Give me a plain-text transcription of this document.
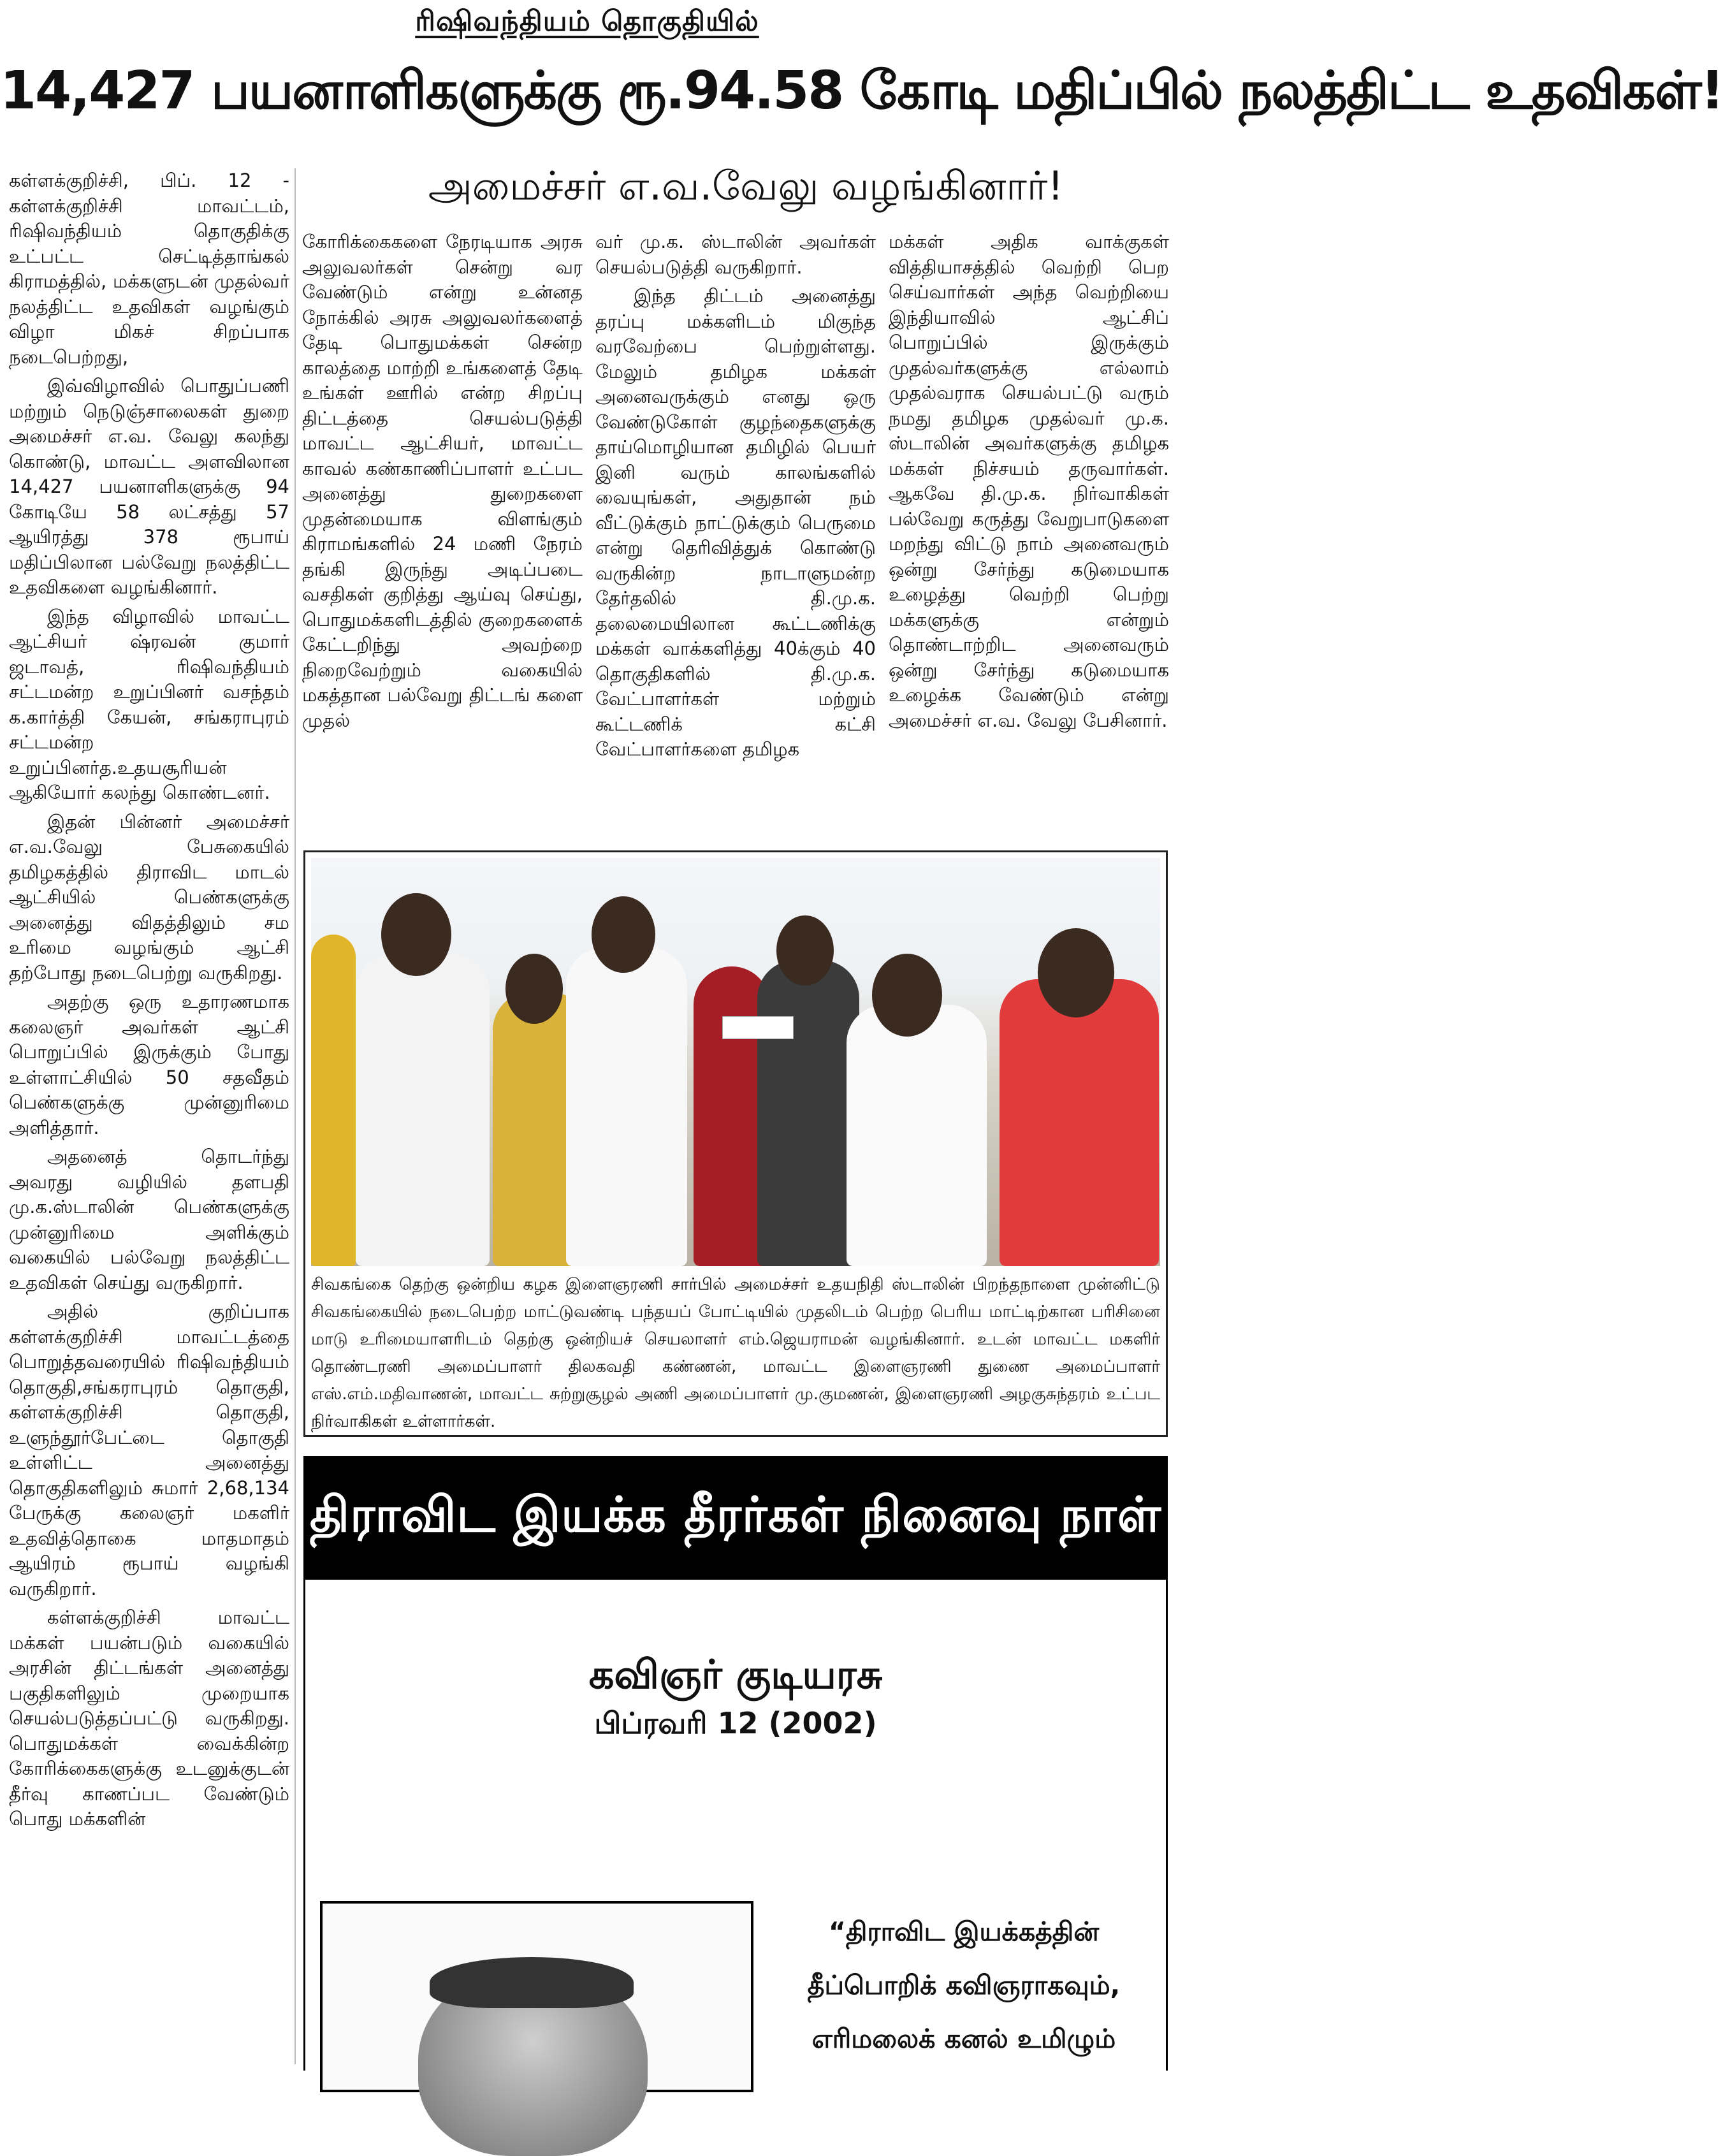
ரிஷிவந்தியம் தொகுதியில்
14,427 பயனாளிகளுக்கு ரூ.94.58 கோடி மதிப்பில் நலத்திட்ட உதவிகள்!
அமைச்சர் எ.வ.வேலு வழங்கினார்!

கள்ளக்குறிச்சி, பிப். 12 - கள்ளக்குறிச்சி மாவட்டம், ரிஷிவந்தியம் தொகுதிக்கு உட்பட்ட செட்டித்தாங்கல் கிராமத்தில், மக்களுடன் முதல்வர் நலத்திட்ட உதவிகள் வழங்கும் விழா மிகச் சிறப்பாக நடைபெற்றது,

இவ்விழாவில் பொதுப்பணி மற்றும் நெடுஞ்சாலைகள் துறை அமைச்சர் எ.வ. வேலு கலந்து கொண்டு, மாவட்ட அளவிலான 14,427 பயனாளிகளுக்கு 94 கோடியே 58 லட்சத்து 57 ஆயிரத்து 378 ரூபாய் மதிப்பிலான பல்வேறு நலத்திட்ட உதவிகளை வழங்கினார்.

இந்த விழாவில் மாவட்ட ஆட்சியர் ஷ்ரவன் குமார் ஜடாவத், ரிஷிவந்தியம் சட்டமன்ற உறுப்பினர் வசந்தம் க.கார்த்தி கேயன், சங்கராபுரம் சட்டமன்ற உறுப்பினர்த.உதயசூரியன் ஆகியோர் கலந்து கொண்டனர்.

இதன் பின்னர் அமைச்சர் எ.வ.வேலு பேசுகையில் தமிழகத்தில் திராவிட மாடல் ஆட்சியில் பெண்களுக்கு அனைத்து விதத்திலும் சம உரிமை வழங்கும் ஆட்சி தற்போது நடைபெற்று வருகிறது.

அதற்கு ஒரு உதாரணமாக கலைஞர் அவர்கள் ஆட்சி பொறுப்பில் இருக்கும் போது உள்ளாட்சியில் 50 சதவீதம் பெண்களுக்கு முன்னுரிமை அளித்தார்.

அதனைத் தொடர்ந்து அவரது வழியில் தளபதி மு.க.ஸ்டாலின் பெண்களுக்கு முன்னுரிமை அளிக்கும் வகையில் பல்வேறு நலத்திட்ட உதவிகள் செய்து வருகிறார்.

அதில் குறிப்பாக கள்ளக்குறிச்சி மாவட்டத்தை பொறுத்தவரையில் ரிஷிவந்தியம் தொகுதி,சங்கராபுரம் தொகுதி, கள்ளக்குறிச்சி தொகுதி, உளுந்தூர்பேட்டை தொகுதி உள்ளிட்ட அனைத்து தொகுதிகளிலும் சுமார் 2,68,134 பேருக்கு கலைஞர் மகளிர் உதவித்தொகை மாதமாதம் ஆயிரம் ரூபாய் வழங்கி வருகிறார்.

கள்ளக்குறிச்சி மாவட்ட மக்கள் பயன்படும் வகையில் அரசின் திட்டங்கள் அனைத்து பகுதிகளிலும் முறையாக செயல்படுத்தப்பட்டு வருகிறது. பொதுமக்கள் வைக்கின்ற கோரிக்கைகளுக்கு உடனுக்குடன் தீர்வு காணப்பட வேண்டும் பொது மக்களின்

கோரிக்கைகளை நேரடியாக அரசு அலுவலர்கள் சென்று வர வேண்டும் என்று உன்னத நோக்கில் அரசு அலுவலர்களைத் தேடி பொதுமக்கள் சென்ற காலத்தை மாற்றி உங்களைத் தேடி உங்கள் ஊரில் என்ற சிறப்பு திட்டத்தை செயல்படுத்தி மாவட்ட ஆட்சியர், மாவட்ட காவல் கண்காணிப்பாளர் உட்பட அனைத்து துறைகளை முதன்மையாக விளங்கும் கிராமங்களில் 24 மணி நேரம் தங்கி இருந்து அடிப்படை வசதிகள் குறித்து ஆய்வு செய்து, பொதுமக்களிடத்தில் குறைகளைக் கேட்டறிந்து அவற்றை நிறைவேற்றும் வகையில் மகத்தான பல்வேறு திட்டங் களை முதல்

வர் மு.க. ஸ்டாலின் அவர்கள் செயல்படுத்தி வருகிறார்.

இந்த திட்டம் அனைத்து தரப்பு மக்களிடம் மிகுந்த வரவேற்பை பெற்றுள்ளது. மேலும் தமிழக மக்கள் அனைவருக்கும் எனது ஒரு வேண்டுகோள் குழந்தைகளுக்கு தாய்மொழியான தமிழில் பெயர் இனி வரும் காலங்களில் வையுங்கள், அதுதான் நம் வீட்டுக்கும் நாட்டுக்கும் பெருமை என்று தெரிவித்துக் கொண்டு வருகின்ற நாடாளுமன்ற தேர்தலில் தி.மு.க. தலைமையிலான கூட்டணிக்கு மக்கள் வாக்களித்து 40க்கும் 40 தொகுதிகளில் தி.மு.க. வேட்பாளர்கள் மற்றும் கூட்டணிக் கட்சி வேட்பாளர்களை தமிழக

மக்கள் அதிக வாக்குகள் வித்தியாசத்தில் வெற்றி பெற செய்வார்கள் அந்த வெற்றியை இந்தியாவில் ஆட்சிப் பொறுப்பில் இருக்கும் முதல்வர்களுக்கு எல்லாம் முதல்வராக செயல்பட்டு வரும் நமது தமிழக முதல்வர் மு.க. ஸ்டாலின் அவர்களுக்கு தமிழக மக்கள் நிச்சயம் தருவார்கள். ஆகவே தி.மு.க. நிர்வாகிகள் பல்வேறு கருத்து வேறுபாடுகளை மறந்து விட்டு நாம் அனைவரும் ஒன்று சேர்ந்து கடுமையாக உழைத்து வெற்றி பெற்று மக்களுக்கு என்றும் தொண்டாற்றிட அனைவரும் ஒன்று சேர்ந்து கடுமையாக உழைக்க வேண்டும் என்று அமைச்சர் எ.வ. வேலு பேசினார்.

சிவகங்கை தெற்கு ஒன்றிய கழக இளைஞரணி சார்பில் அமைச்சர் உதயநிதி ஸ்டாலின் பிறந்தநாளை முன்னிட்டு சிவகங்கையில் நடைபெற்ற மாட்டுவண்டி பந்தயப் போட்டியில் முதலிடம் பெற்ற பெரிய மாட்டிற்கான பரிசினை மாடு உரிமையாளரிடம் தெற்கு ஒன்றியச் செயலாளர் எம்.ஜெயராமன் வழங்கினார். உடன் மாவட்ட மகளிர் தொண்டரணி அமைப்பாளர் திலகவதி கண்ணன், மாவட்ட இளைஞரணி துணை அமைப்பாளர் எஸ்.எம்.மதிவாணன், மாவட்ட சுற்றுசூழல் அணி அமைப்பாளர் மு.குமணன், இளைஞரணி அழகுசுந்தரம் உட்பட நிர்வாகிகள் உள்ளார்கள்.
திராவிட இயக்க தீரர்கள் நினைவு நாள்
கவிஞர் குடியரசு
பிப்ரவரி 12 (2002)
“திராவிட இயக்கத்தின்
தீப்பொறிக் கவிஞராகவும்,
எரிமலைக் கனல் உமிழும்
